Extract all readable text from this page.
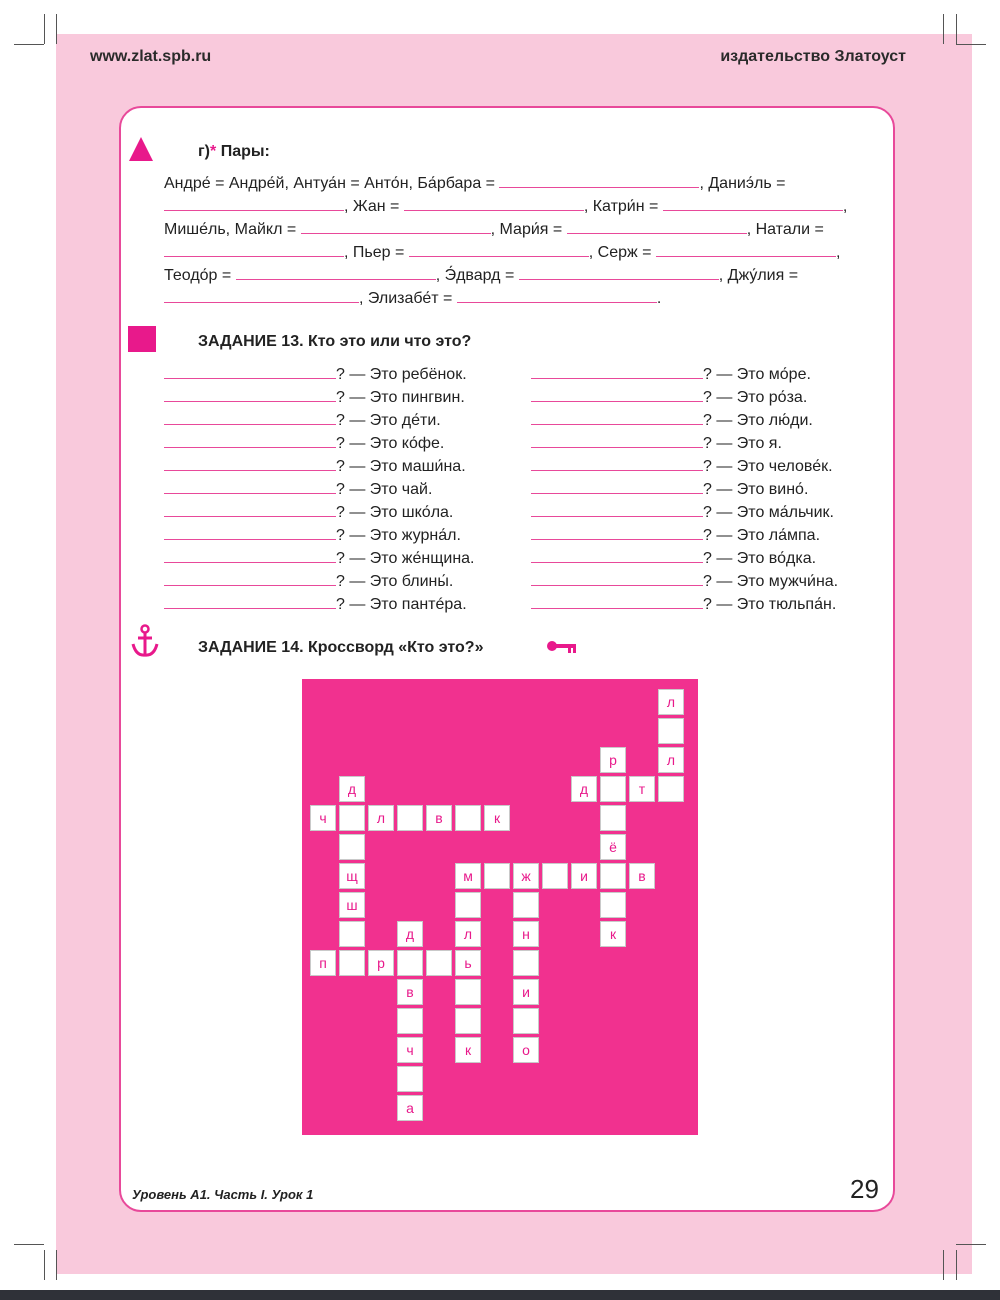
www.zlat.spb.ru	издательство Златоуст
г)* Пары:
Андре́ = Андре́й, Антуа́н = Анто́н, Ба́рбара =	, Даниэ́ль =
, Жан =	, Катри́н =	,
Мише́ль, Майкл =	, Мари́я =	, Натали =
, Пьер =	, Серж =	,
Теодо́р =	, Э́двард =	, Джу́лия =
, Элизабе́т =	.
ЗАДАНИЕ 13. Кто это или что это?
? — Это ребёнок.
? — Это пингвин.
? — Это де́ти.
? — Это ко́фе.
? — Это маши́на.
? — Это чай.
? — Это шко́ла.
? — Это журна́л.
? — Это же́нщина.
? — Это блины́.
? — Это пантéра.
? — Это мо́ре.
? — Это ро́за.
? — Это лю́ди.
? — Это я.
? — Это челове́к.
? — Это вино́.
? — Это ма́льчик.
? — Это ла́мпа.
? — Это во́дка.
? — Это мужчи́на.
? — Это тюльпа́н.
ЗАДАНИЕ 14. Кроссворд «Кто это?»
л
л
р
д	т
ё
к
м	ж	и	в
д
ч	л	в	к
щ
ш
п	р	ь
д
в
ч
а
л
к
н
и
о
Уровень А1. Часть I. Урок 1	29
